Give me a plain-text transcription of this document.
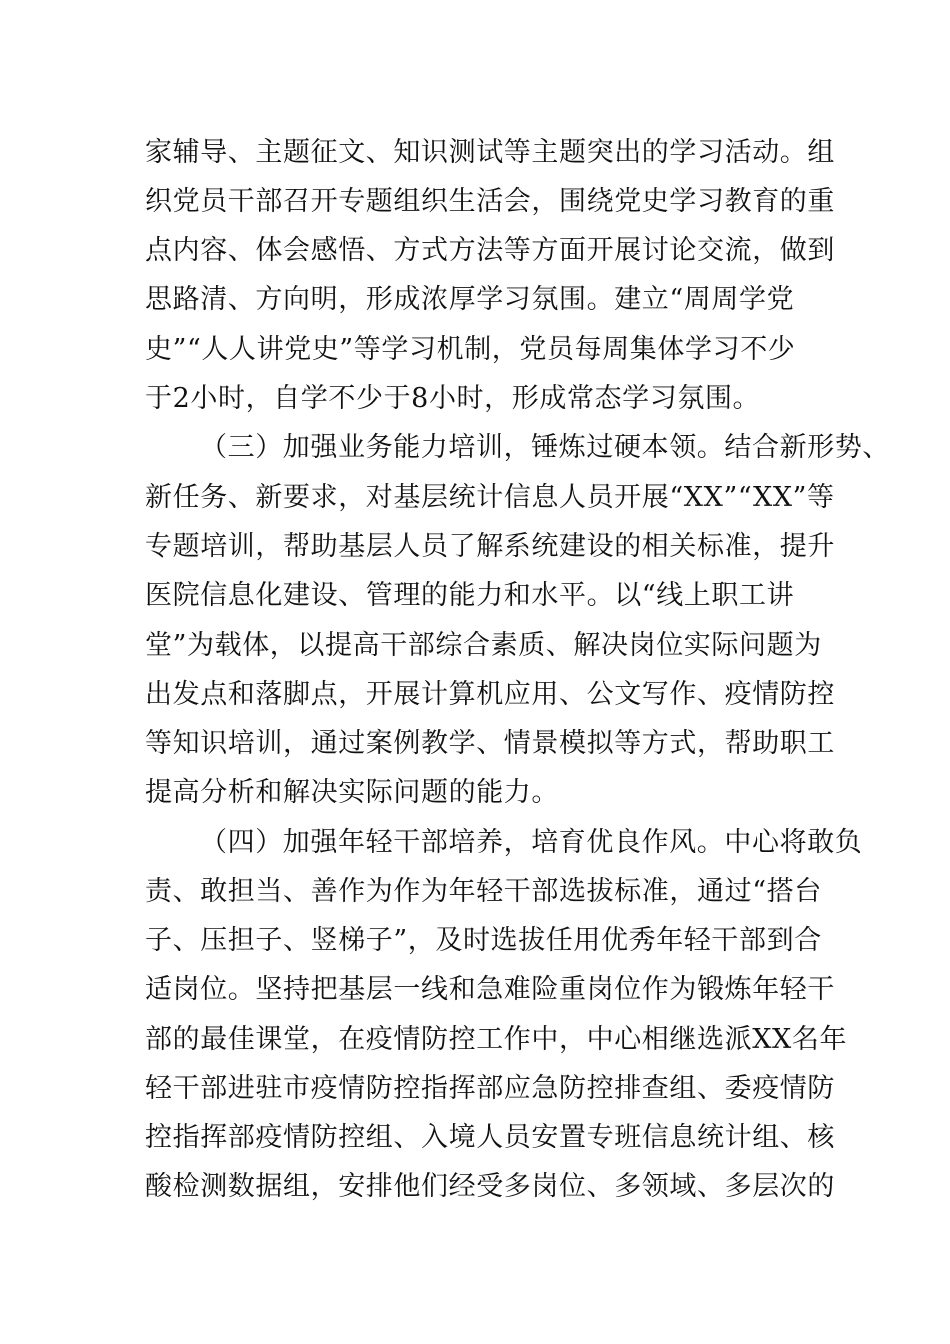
家辅导、主题征文、知识测试等主题突出的学习活动。组
织党员干部召开专题组织生活会，围绕党史学习教育的重
点内容、体会感悟、方式方法等方面开展讨论交流，做到
思路清、方向明，形成浓厚学习氛围。建立“周周学党
史”“人人讲党史”等学习机制，党员每周集体学习不少
于2小时，自学不少于8小时，形成常态学习氛围。
（三）加强业务能力培训，锤炼过硬本领。结合新形势、
新任务、新要求，对基层统计信息人员开展“XX”“XX”等
专题培训，帮助基层人员了解系统建设的相关标准，提升
医院信息化建设、管理的能力和水平。以“线上职工讲
堂”为载体，以提高干部综合素质、解决岗位实际问题为
出发点和落脚点，开展计算机应用、公文写作、疫情防控
等知识培训，通过案例教学、情景模拟等方式，帮助职工
提高分析和解决实际问题的能力。
（四）加强年轻干部培养，培育优良作风。中心将敢负
责、敢担当、善作为作为年轻干部选拔标准，通过“搭台
子、压担子、竖梯子”，及时选拔任用优秀年轻干部到合
适岗位。坚持把基层一线和急难险重岗位作为锻炼年轻干
部的最佳课堂，在疫情防控工作中，中心相继选派XX名年
轻干部进驻市疫情防控指挥部应急防控排查组、委疫情防
控指挥部疫情防控组、入境人员安置专班信息统计组、核
酸检测数据组，安排他们经受多岗位、多领域、多层次的
